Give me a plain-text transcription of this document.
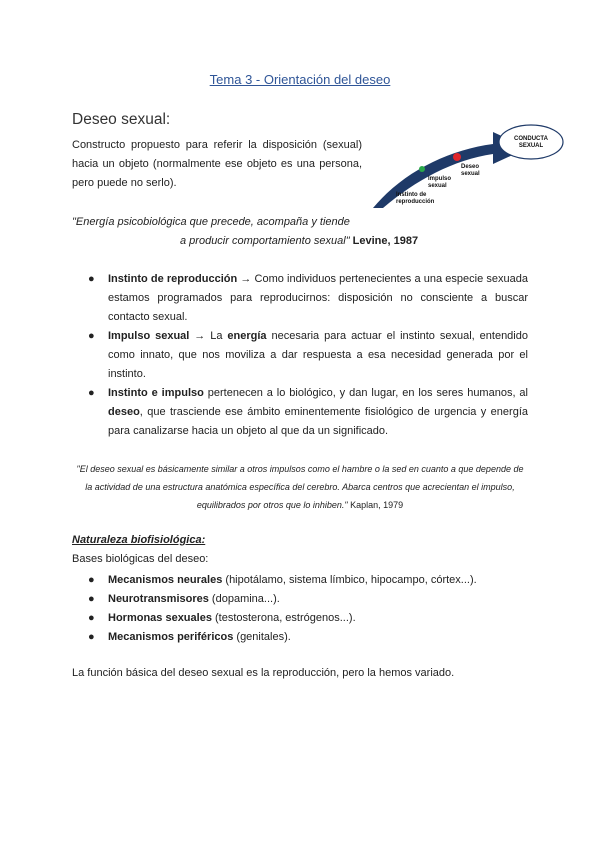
Tema 3 - Orientación del deseo
Deseo sexual:
Constructo propuesto para referir la disposición (sexual) hacia un objeto (normalmente ese objeto es una persona, pero puede no serlo).
CONDUCTA
SEXUAL
Deseo
sexual
Impulso
sexual
Instinto de
reproducción
"Energía psicobiológica que precede, acompaña y tiende
a producir comportamiento sexual" Levine, 1987
● Instinto de reproducción → Como individuos pertenecientes a una especie sexuada estamos programados para reproducirnos: disposición no consciente a buscar contacto sexual.
● Impulso sexual → La energía necesaria para actuar el instinto sexual, entendido como innato, que nos moviliza a dar respuesta a esa necesidad generada por el instinto.
● Instinto e impulso pertenecen a lo biológico, y dan lugar, en los seres humanos, al deseo, que trasciende ese ámbito eminentemente fisiológico de urgencia y energía para canalizarse hacia un objeto al que da un significado.
"El deseo sexual es básicamente similar a otros impulsos como el hambre o la sed en cuanto a que depende de la actividad de una estructura anatómica específica del cerebro. Abarca centros que acrecientan el impulso, equilibrados por otros que lo inhiben." Kaplan, 1979
Naturaleza biofisiológica:
Bases biológicas del deseo:
● Mecanismos neurales (hipotálamo, sistema límbico, hipocampo, córtex...).
● Neurotransmisores (dopamina...).
● Hormonas sexuales (testosterona, estrógenos...).
● Mecanismos periféricos (genitales).
La función básica del deseo sexual es la reproducción, pero la hemos variado.
